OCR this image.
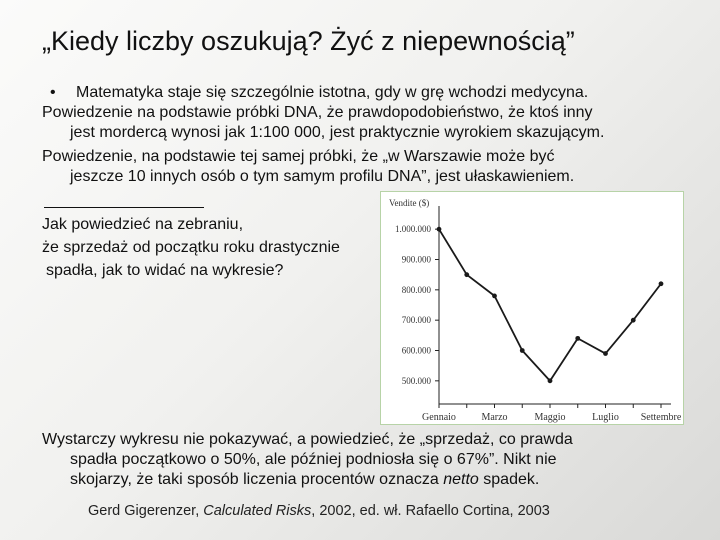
„Kiedy liczby oszukują? Żyć z niepewnością”
• Matematyka staje się szczególnie istotna, gdy w grę wchodzi medycyna.
Powiedzenie na podstawie próbki DNA, że prawdopodobieństwo, że ktoś inny
jest mordercą wynosi jak 1:100 000, jest praktycznie wyrokiem skazującym.
Powiedzenie, na podstawie tej samej próbki, że „w Warszawie może być
jeszcze 10 innych osób o tym samym profilu DNA”, jest ułaskawieniem.
Jak powiedzieć na zebraniu,
że sprzedaż od początku roku drastycznie
spadła, jak to widać na wykresie?
Vendite ($)
500.000
600.000
700.000
800.000
900.000
1.000.000
Gennaio	Marzo	Maggio	Luglio Settembre
Wystarczy wykresu nie pokazywać, a powiedzieć, że „sprzedaż, co prawda
spadła początkowo o 50%, ale później podniosła się o 67%”. Nikt nie
skojarzy, że taki sposób liczenia procentów oznacza netto spadek.
Gerd Gigerenzer, Calculated Risks, 2002, ed. wł. Rafaello Cortina, 2003
